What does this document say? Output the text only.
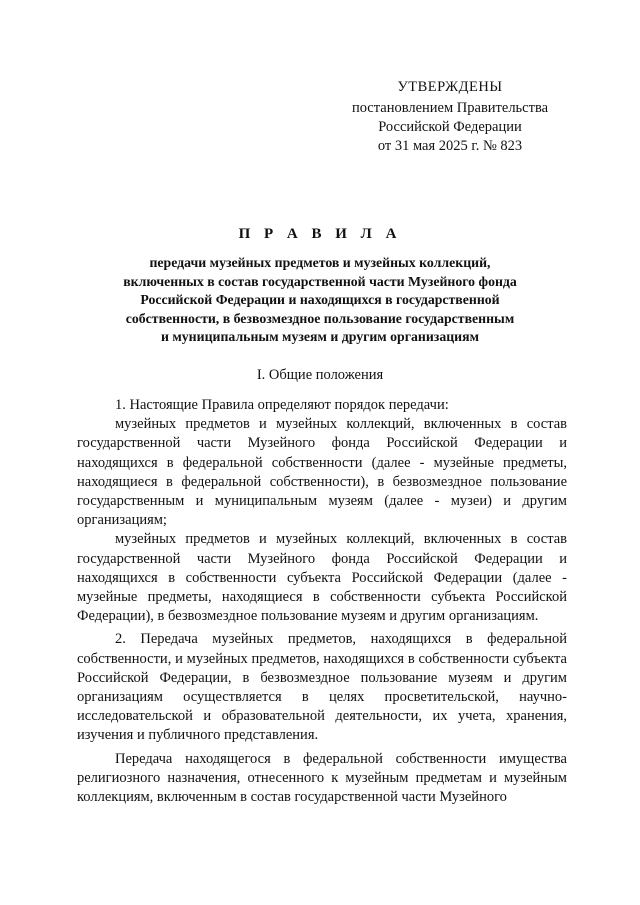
УТВЕРЖДЕНЫ
постановлением Правительства
Российской Федерации
от 31 мая 2025 г. № 823
П Р А В И Л А
передачи музейных предметов и музейных коллекций,
включенных в состав государственной части Музейного фонда
Российской Федерации и находящихся в государственной
собственности, в безвозмездное пользование государственным
и муниципальным музеям и другим организациям
I. Общие положения

1. Настоящие Правила определяют порядок передачи:

музейных предметов и музейных коллекций, включенных в состав государственной части Музейного фонда Российской Федерации и находящихся в федеральной собственности (далее - музейные предметы, находящиеся в федеральной собственности), в безвозмездное пользование государственным и муниципальным музеям (далее - музеи) и другим организациям;

музейных предметов и музейных коллекций, включенных в состав государственной части Музейного фонда Российской Федерации и находящихся в собственности субъекта Российской Федерации (далее - музейные предметы, находящиеся в собственности субъекта Российской Федерации), в безвозмездное пользование музеям и другим организациям.

2. Передача музейных предметов, находящихся в федеральной собственности, и музейных предметов, находящихся в собственности субъекта Российской Федерации, в безвозмездное пользование музеям и другим организациям осуществляется в целях просветительской, научно-исследовательской и образовательной деятельности, их учета, хранения, изучения и публичного представления.

Передача находящегося в федеральной собственности имущества религиозного назначения, отнесенного к музейным предметам и музейным коллекциям, включенным в состав государственной части Музейного
